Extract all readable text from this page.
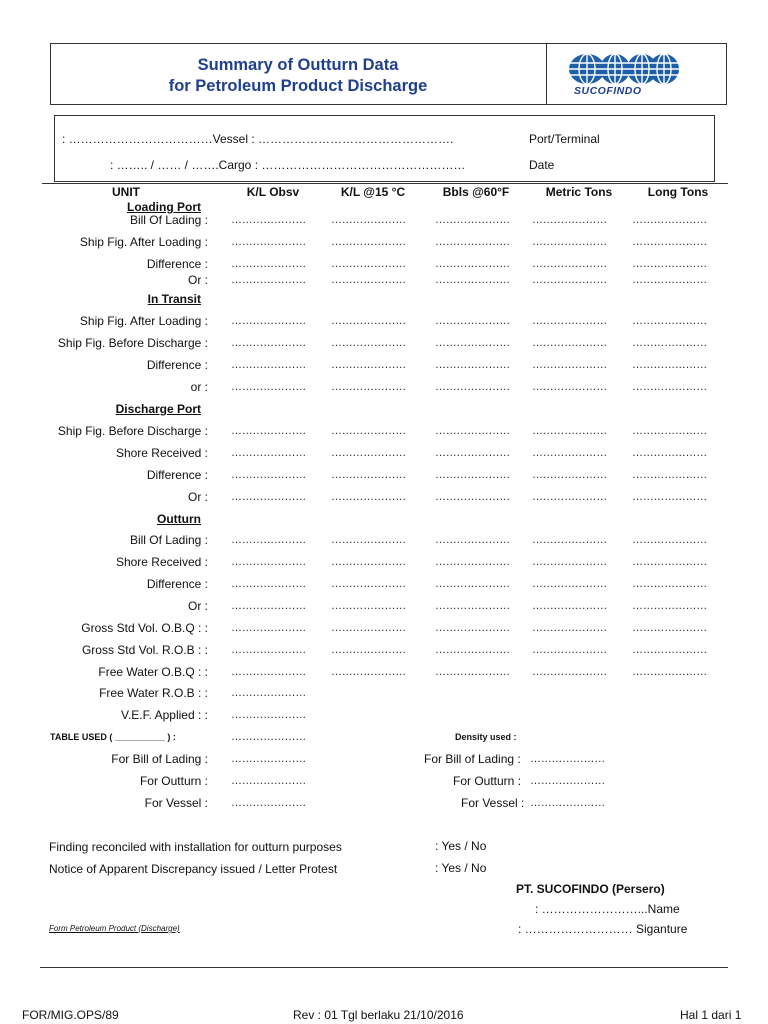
Summary of Outturn Data
for Petroleum Product Discharge	SUCOFINDO
: ………………………………Vessel : ………………………………………….	Port/Terminal
: …….. / …… / …….Cargo : ……………………………………………	Date
UNIT	K/L Obsv	K/L @15 °C	Bbls @60°F	Metric Tons	Long Tons
Loading Port
Bill Of Lading : ………………… …………………	………………… ………………… …………………
Ship Fig. After Loading : ………………… …………………	………………… ………………… …………………
Difference : ………………… …………………	………………… ………………… …………………
Or : ………………… …………………	………………… ………………… …………………
In Transit
Ship Fig. After Loading : ………………… …………………	………………… ………………… …………………
Ship Fig. Before Discharge : ………………… …………………	………………… ………………… …………………
Difference : ………………… …………………	………………… ………………… …………………
or : ………………… …………………	………………… ………………… …………………
Discharge Port
Ship Fig. Before Discharge : ………………… …………………	………………… ………………… …………………
Shore Received : ………………… …………………	………………… ………………… …………………
Difference : ………………… …………………	………………… ………………… …………………
Or : ………………… …………………	………………… ………………… …………………
Outturn
Bill Of Lading : ………………… …………………	………………… ………………… …………………
Shore Received : ………………… …………………	………………… ………………… …………………
Difference : ………………… …………………	………………… ………………… …………………
Or : ………………… …………………	………………… ………………… …………………
Gross Std Vol. O.B.Q : : ………………… …………………	………………… ………………… …………………
Gross Std Vol. R.O.B : : ………………… …………………	………………… ………………… …………………
Free Water O.B.Q : : ………………… …………………	………………… ………………… …………………
Free Water R.O.B : : …………………
V.E.F. Applied : : …………………
TABLE USED ( __________ ) :	…………………	Density used :
For Bill of Lading : …………………	For Bill of Lading : …………………
For Outturn : …………………	For Outturn : …………………
For Vessel : …………………	For Vessel : …………………
Finding reconciled with installation for outturn purposes	: Yes / No
Notice of Apparent Discrepancy issued / Letter Protest	: Yes / No
PT. SUCOFINDO (Persero)
: ……………………...Name
: ……………………… Siganture
Form Petroleum Product (Discharge)
FOR/MIG.OPS/89	Rev : 01 Tgl berlaku 21/10/2016	Hal 1 dari 1
